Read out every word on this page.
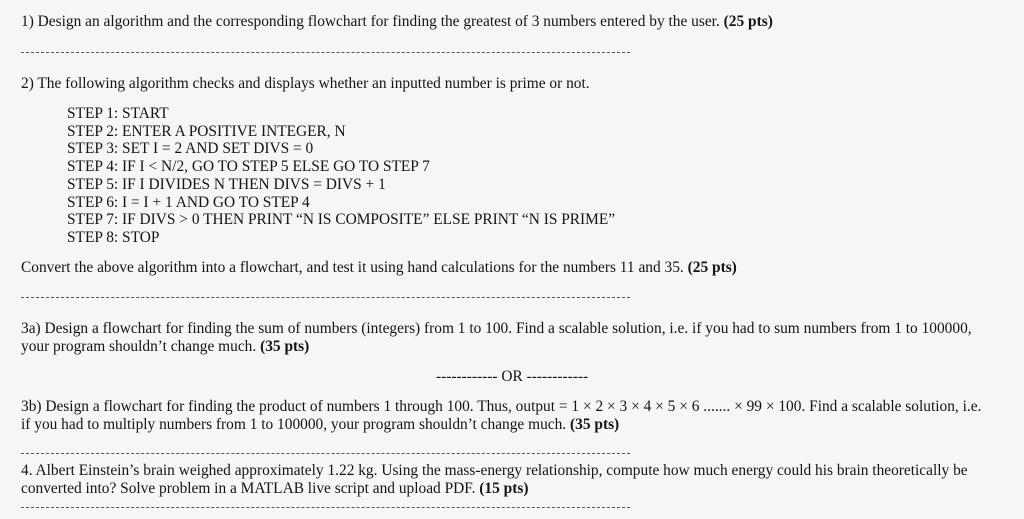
1) Design an algorithm and the corresponding flowchart for finding the greatest of 3 numbers entered by the user. (25 pts)
2) The following algorithm checks and displays whether an inputted number is prime or not.
STEP 1: START
STEP 2: ENTER A POSITIVE INTEGER, N
STEP 3: SET I = 2 AND SET DIVS = 0
STEP 4: IF I < N/2, GO TO STEP 5 ELSE GO TO STEP 7
STEP 5: IF I DIVIDES N THEN DIVS = DIVS + 1
STEP 6: I = I + 1 AND GO TO STEP 4
STEP 7: IF DIVS > 0 THEN PRINT “N IS COMPOSITE” ELSE PRINT “N IS PRIME”
STEP 8: STOP
Convert the above algorithm into a flowchart, and test it using hand calculations for the numbers 11 and 35. (25 pts)
3a) Design a flowchart for finding the sum of numbers (integers) from 1 to 100. Find a scalable solution, i.e. if you had to sum numbers from 1 to 100000,
your program shouldn’t change much. (35 pts)
------------ OR ------------
3b) Design a flowchart for finding the product of numbers 1 through 100. Thus, output = 1 × 2 × 3 × 4 × 5 × 6 ....... × 99 × 100. Find a scalable solution, i.e.
if you had to multiply numbers from 1 to 100000, your program shouldn’t change much. (35 pts)
4. Albert Einstein’s brain weighed approximately 1.22 kg. Using the mass-energy relationship, compute how much energy could his brain theoretically be
converted into? Solve problem in a MATLAB live script and upload PDF. (15 pts)
